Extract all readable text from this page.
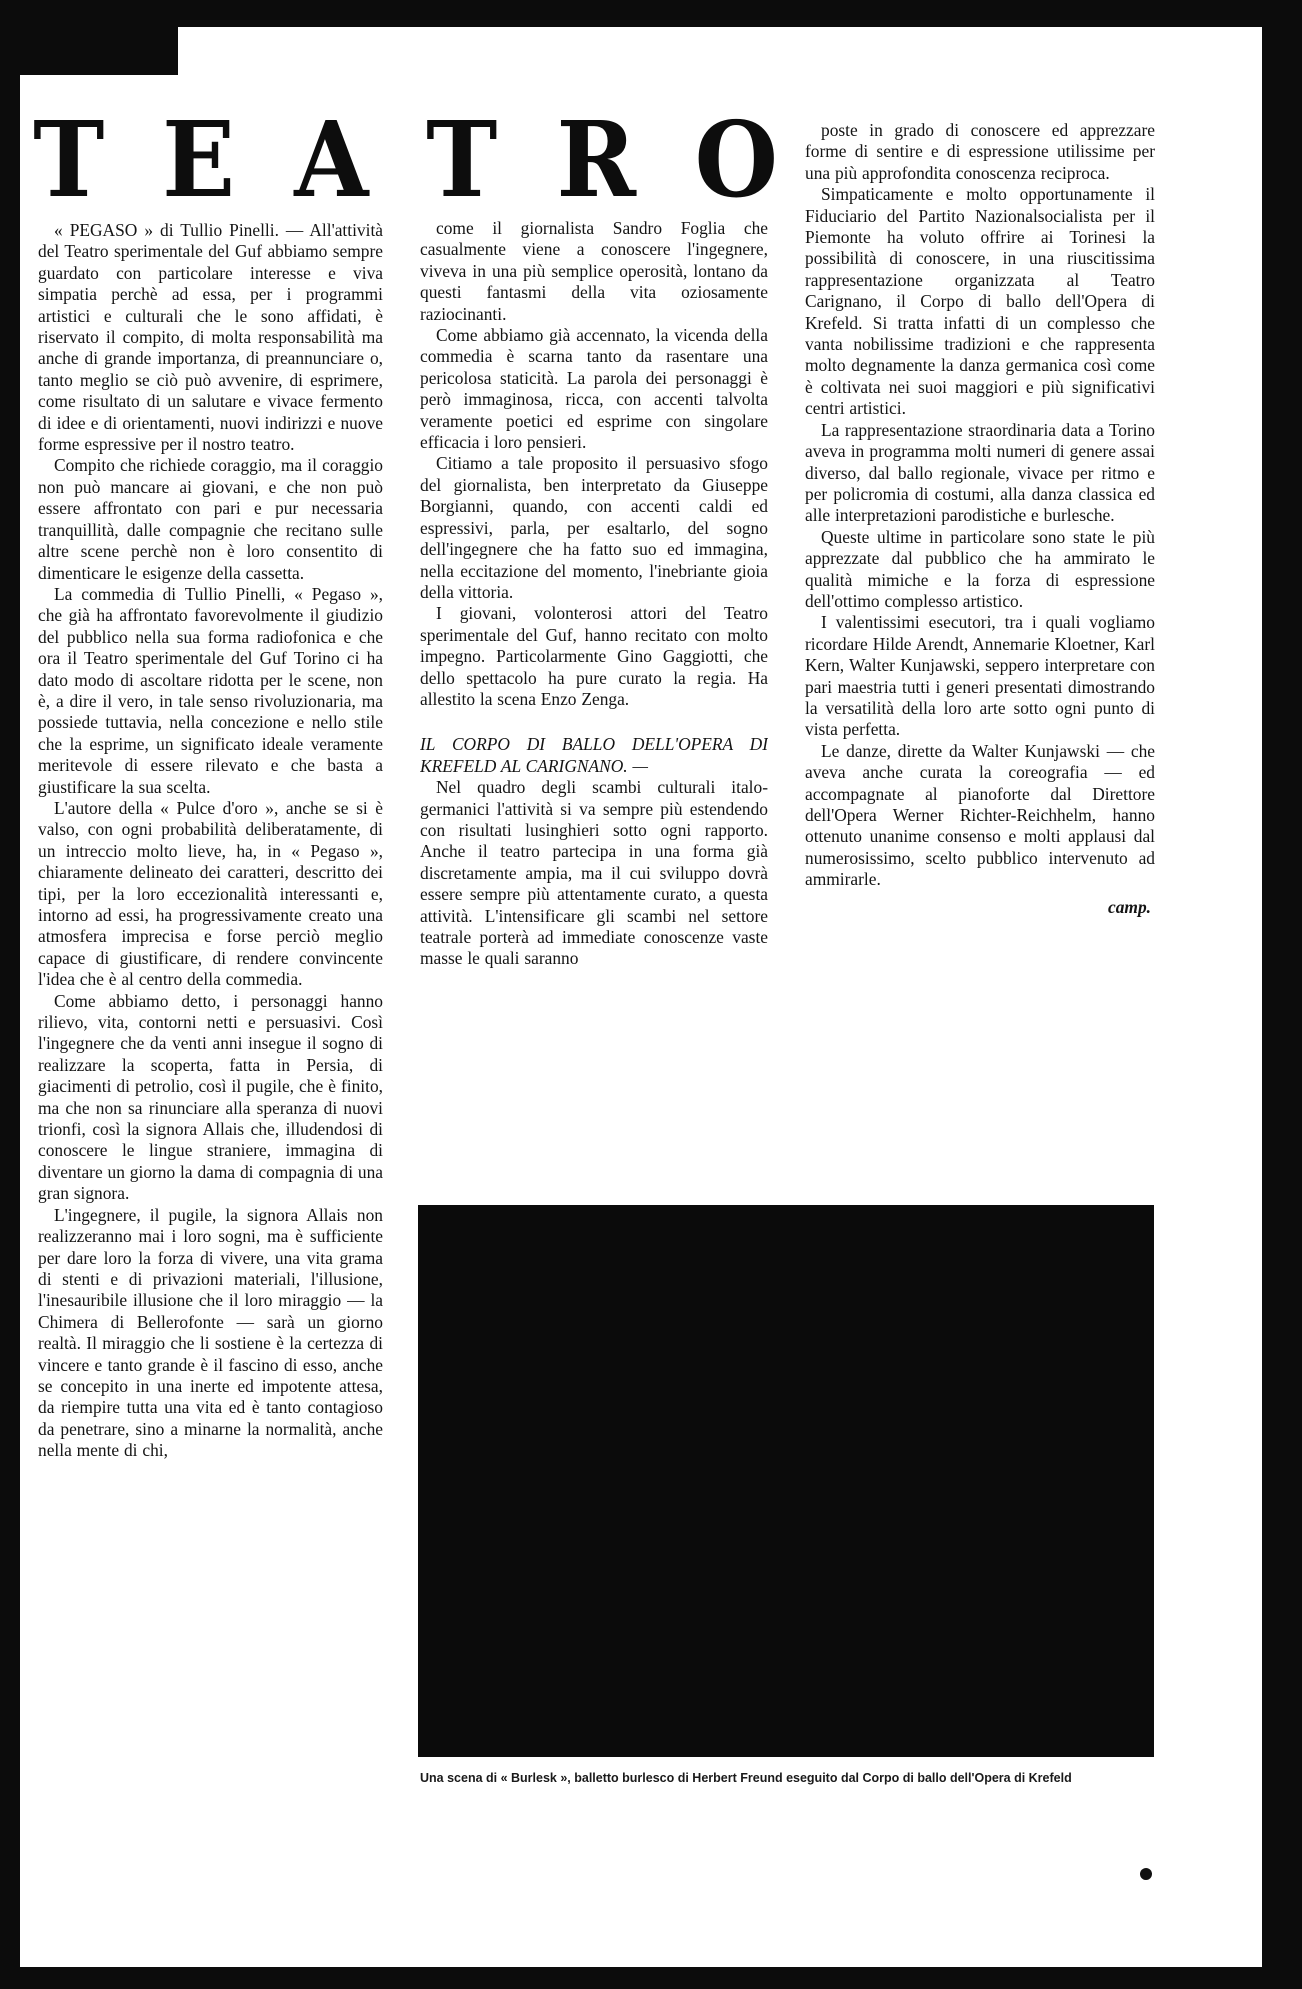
T E A T R O

« PEGASO » di Tullio Pinelli. — All'attività del Teatro sperimentale del Guf abbiamo sempre guardato con particolare interesse e viva simpatia perchè ad essa, per i programmi artistici e culturali che le sono affidati, è riservato il compito, di molta responsabilità ma anche di grande importanza, di preannunciare o, tanto meglio se ciò può avvenire, di esprimere, come risultato di un salutare e vivace fermento di idee e di orientamenti, nuovi indirizzi e nuove forme espressive per il nostro teatro.

Compito che richiede coraggio, ma il coraggio non può mancare ai giovani, e che non può essere affrontato con pari e pur necessaria tranquillità, dalle compagnie che recitano sulle altre scene perchè non è loro consentito di dimenticare le esigenze della cassetta.

La commedia di Tullio Pinelli, « Pegaso », che già ha affrontato favorevolmente il giudizio del pubblico nella sua forma radiofonica e che ora il Teatro sperimentale del Guf Torino ci ha dato modo di ascoltare ridotta per le scene, non è, a dire il vero, in tale senso rivoluzionaria, ma possiede tuttavia, nella concezione e nello stile che la esprime, un significato ideale veramente meritevole di essere rilevato e che basta a giustificare la sua scelta.

L'autore della « Pulce d'oro », anche se si è valso, con ogni probabilità deliberatamente, di un intreccio molto lieve, ha, in « Pegaso », chiaramente delineato dei caratteri, descritto dei tipi, per la loro eccezionalità interessanti e, intorno ad essi, ha progressivamente creato una atmosfera imprecisa e forse perciò meglio capace di giustificare, di rendere convincente l'idea che è al centro della commedia.

Come abbiamo detto, i personaggi hanno rilievo, vita, contorni netti e persuasivi. Così l'ingegnere che da venti anni insegue il sogno di realizzare la scoperta, fatta in Persia, di giacimenti di petrolio, così il pugile, che è finito, ma che non sa rinunciare alla speranza di nuovi trionfi, così la signora Allais che, illudendosi di conoscere le lingue straniere, immagina di diventare un giorno la dama di compagnia di una gran signora.

L'ingegnere, il pugile, la signora Allais non realizzeranno mai i loro sogni, ma è sufficiente per dare loro la forza di vivere, una vita grama di stenti e di privazioni materiali, l'illusione, l'inesauribile illusione che il loro miraggio — la Chimera di Bellerofonte — sarà un giorno realtà. Il miraggio che li sostiene è la certezza di vincere e tanto grande è il fascino di esso, anche se concepito in una inerte ed impotente attesa, da riempire tutta una vita ed è tanto contagioso da penetrare, sino a minarne la normalità, anche nella mente di chi,

come il giornalista Sandro Foglia che casualmente viene a conoscere l'ingegnere, viveva in una più semplice operosità, lontano da questi fantasmi della vita oziosamente raziocinanti.

Come abbiamo già accennato, la vicenda della commedia è scarna tanto da rasentare una pericolosa staticità. La parola dei personaggi è però immaginosa, ricca, con accenti talvolta veramente poetici ed esprime con singolare efficacia i loro pensieri.

Citiamo a tale proposito il persuasivo sfogo del giornalista, ben interpretato da Giuseppe Borgianni, quando, con accenti caldi ed espressivi, parla, per esaltarlo, del sogno dell'ingegnere che ha fatto suo ed immagina, nella eccitazione del momento, l'inebriante gioia della vittoria.

I giovani, volonterosi attori del Teatro sperimentale del Guf, hanno recitato con molto impegno. Particolarmente Gino Gaggiotti, che dello spettacolo ha pure curato la regia. Ha allestito la scena Enzo Zenga.

IL CORPO DI BALLO DELL'OPERA DI KREFELD AL CARIGNANO. —

Nel quadro degli scambi culturali italo-germanici l'attività si va sempre più estendendo con risultati lusinghieri sotto ogni rapporto. Anche il teatro partecipa in una forma già discretamente ampia, ma il cui sviluppo dovrà essere sempre più attentamente curato, a questa attività. L'intensificare gli scambi nel settore teatrale porterà ad immediate conoscenze vaste masse le quali saranno

poste in grado di conoscere ed apprezzare forme di sentire e di espressione utilissime per una più approfondita conoscenza reciproca.

Simpaticamente e molto opportunamente il Fiduciario del Partito Nazionalsocialista per il Piemonte ha voluto offrire ai Torinesi la possibilità di conoscere, in una riuscitissima rappresentazione organizzata al Teatro Carignano, il Corpo di ballo dell'Opera di Krefeld. Si tratta infatti di un complesso che vanta nobilissime tradizioni e che rappresenta molto degnamente la danza germanica così come è coltivata nei suoi maggiori e più significativi centri artistici.

La rappresentazione straordinaria data a Torino aveva in programma molti numeri di genere assai diverso, dal ballo regionale, vivace per ritmo e per policromia di costumi, alla danza classica ed alle interpretazioni parodistiche e burlesche.

Queste ultime in particolare sono state le più apprezzate dal pubblico che ha ammirato le qualità mimiche e la forza di espressione dell'ottimo complesso artistico.

I valentissimi esecutori, tra i quali vogliamo ricordare Hilde Arendt, Annemarie Kloetner, Karl Kern, Walter Kunjawski, seppero interpretare con pari maestria tutti i generi presentati dimostrando la versatilità della loro arte sotto ogni punto di vista perfetta.

Le danze, dirette da Walter Kunjawski — che aveva anche curata la coreografia — ed accompagnate al pianoforte dal Direttore dell'Opera Werner Richter-Reichhelm, hanno ottenuto unanime consenso e molti applausi dal numerosissimo, scelto pubblico intervenuto ad ammirarle.

camp.
Una scena di « Burlesk », balletto burlesco di Herbert Freund eseguito dal Corpo di ballo dell'Opera di Krefeld
